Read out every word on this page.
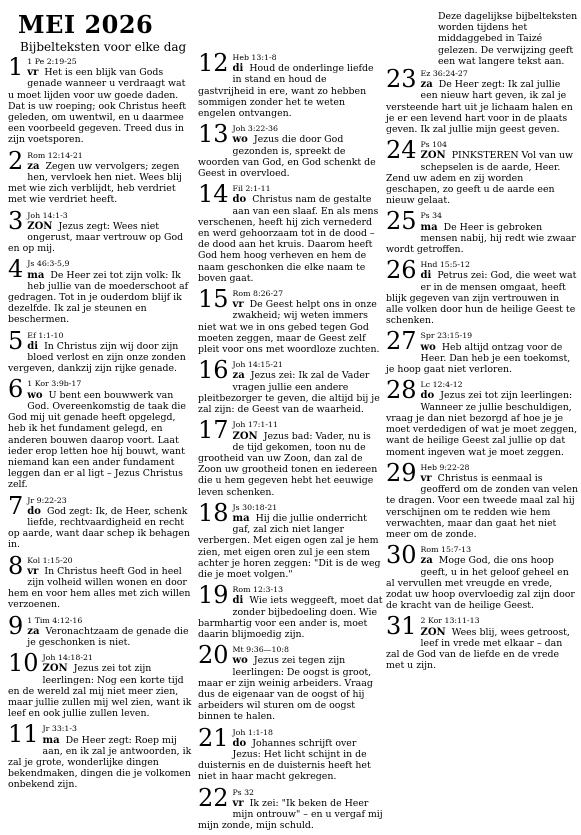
MEI 2026
Bijbelteksten voor elke dag
Deze dagelijkse bijbelteksten worden tijdens het middaggebed in Taizé gelezen. De verwijzing geeft een wat langere tekst aan.
1 1 Pe 2:19-25
vr Het is een blijk van Gods genade wanneer u verdraagt wat u moet lijden voor uw goede daden. Dat is uw roeping; ook Christus heeft geleden, om uwentwil, en u daarmee een voorbeeld gegeven. Treed dus in zijn voetsporen.
2 Rom 12:14-21
za Zegen uw vervolgers; zegen hen, vervloek hen niet. Wees blij met wie zich verblijdt, heb verdriet met wie verdriet heeft.
3 Joh 14:1-3
ZON Jezus zegt: Wees niet ongerust, maar vertrouw op God en op mij.
4 Js 46:3-5,9
ma De Heer zei tot zijn volk: Ik heb jullie van de moederschoot af gedragen. Tot in je ouderdom blijf ik dezelfde. Ik zal je steunen en beschermen.
5 Ef 1:1-10
di In Christus zijn wij door zijn bloed verlost en zijn onze zonden vergeven, dankzij zijn rijke genade.
6 1 Kor 3:9b-17
wo U bent een bouwwerk van God. Overeenkomstig de taak die God mij uit genade heeft opgelegd, heb ik het fundament gelegd, en anderen bouwen daarop voort. Laat ieder erop letten hoe hij bouwt, want niemand kan een ander fundament leggen dan er al ligt – Jezus Christus zelf.
7 Jr 9:22-23
do God zegt: Ik, de Heer, schenk liefde, rechtvaardigheid en recht op aarde, want daar schep ik behagen in.
8 Kol 1:15-20
vr In Christus heeft God in heel zijn volheid willen wonen en door hem en voor hem alles met zich willen verzoenen.
9 1 Tim 4:12-16
za Veronachtzaam de genade die je geschonken is niet.
10 Joh 14:18-21
ZON Jezus zei tot zijn leerlingen: Nog een korte tijd en de wereld zal mij niet meer zien, maar jullie zullen mij wel zien, want ik leef en ook jullie zullen leven.
11 Jr 33:1-3
ma De Heer zegt: Roep mij aan, en ik zal je antwoorden, ik zal je grote, wonderlijke dingen bekendmaken, dingen die je volkomen onbekend zijn.
12 Heb 13:1-8
di Houd de onderlinge liefde in stand en houd de gastvrijheid in ere, want zo hebben sommigen zonder het te weten engelen ontvangen.
13 Joh 3:22-36
wo Jezus die door God gezonden is, spreekt de woorden van God, en God schenkt de Geest in overvloed.
14 Fil 2:1-11
do Christus nam de gestalte aan van een slaaf. En als mens verschenen, heeft hij zich vernederd en werd gehoorzaam tot in de dood – de dood aan het kruis. Daarom heeft God hem hoog verheven en hem de naam geschonken die elke naam te boven gaat.
15 Rom 8:26-27
vr De Geest helpt ons in onze zwakheid; wij weten immers niet wat we in ons gebed tegen God moeten zeggen, maar de Geest zelf pleit voor ons met woordloze zuchten.
16 Joh 14:15-21
za Jezus zei: Ik zal de Vader vragen jullie een andere pleitbezorger te geven, die altijd bij je zal zijn: de Geest van de waarheid.
17 Joh 17:1-11
ZON Jezus bad: Vader, nu is de tijd gekomen, toon nu de grootheid van uw Zoon, dan zal de Zoon uw grootheid tonen en iedereen die u hem gegeven hebt het eeuwige leven schenken.
18 Js 30:18-21
ma Hij die jullie onderricht gaf, zal zich niet langer verbergen. Met eigen ogen zal je hem zien, met eigen oren zul je een stem achter je horen zeggen: "Dit is de weg die je moet volgen."
19 Rom 12:3-13
di Wie iets weggeeft, moet dat zonder bijbedoeling doen. Wie barmhartig voor een ander is, moet daarin blijmoedig zijn.
20 Mt 9:36—10:8
wo Jezus zei tegen zijn leerlingen: De oogst is groot, maar er zijn weinig arbeiders. Vraag dus de eigenaar van de oogst of hij arbeiders wil sturen om de oogst binnen te halen.
21 Joh 1:1-18
do Johannes schrijft over Jezus: Het licht schijnt in de duisternis en de duisternis heeft het niet in haar macht gekregen.
22 Ps 32
vr Ik zei: "Ik beken de Heer mijn ontrouw" – en u vergaf mij mijn zonde, mijn schuld.
23 Ez 36:24-27
za De Heer zegt: Ik zal jullie een nieuw hart geven, ik zal je versteende hart uit je lichaam halen en je er een levend hart voor in de plaats geven. Ik zal jullie mijn geest geven.
24 Ps 104
ZON PINKSTEREN Vol van uw schepselen is de aarde, Heer. Zend uw adem en zij worden geschapen, zo geeft u de aarde een nieuw gelaat.
25 Ps 34
ma De Heer is gebroken mensen nabij, hij redt wie zwaar wordt getroffen.
26 Hnd 15:5-12
di Petrus zei: God, die weet wat er in de mensen omgaat, heeft blijk gegeven van zijn vertrouwen in alle volken door hun de heilige Geest te schenken.
27 Spr 23:15-19
wo Heb altijd ontzag voor de Heer. Dan heb je een toekomst, je hoop gaat niet verloren.
28 Lc 12:4-12
do Jezus zei tot zijn leerlingen: Wanneer ze jullie beschuldigen, vraag je dan niet bezorgd af hoe je je moet verdedigen of wat je moet zeggen, want de heilige Geest zal jullie op dat moment ingeven wat je moet zeggen.
29 Heb 9:22-28
vr Christus is eenmaal is geofferd om de zonden van velen te dragen. Voor een tweede maal zal hij verschijnen om te redden wie hem verwachten, maar dan gaat het niet meer om de zonde.
30 Rom 15:7-13
za Moge God, die ons hoop geeft, u in het geloof geheel en al vervullen met vreugde en vrede, zodat uw hoop overvloedig zal zijn door de kracht van de heilige Geest.
31 2 Kor 13:11-13
ZON Wees blij, wees getroost, leef in vrede met elkaar – dan zal de God van de liefde en de vrede met u zijn.
